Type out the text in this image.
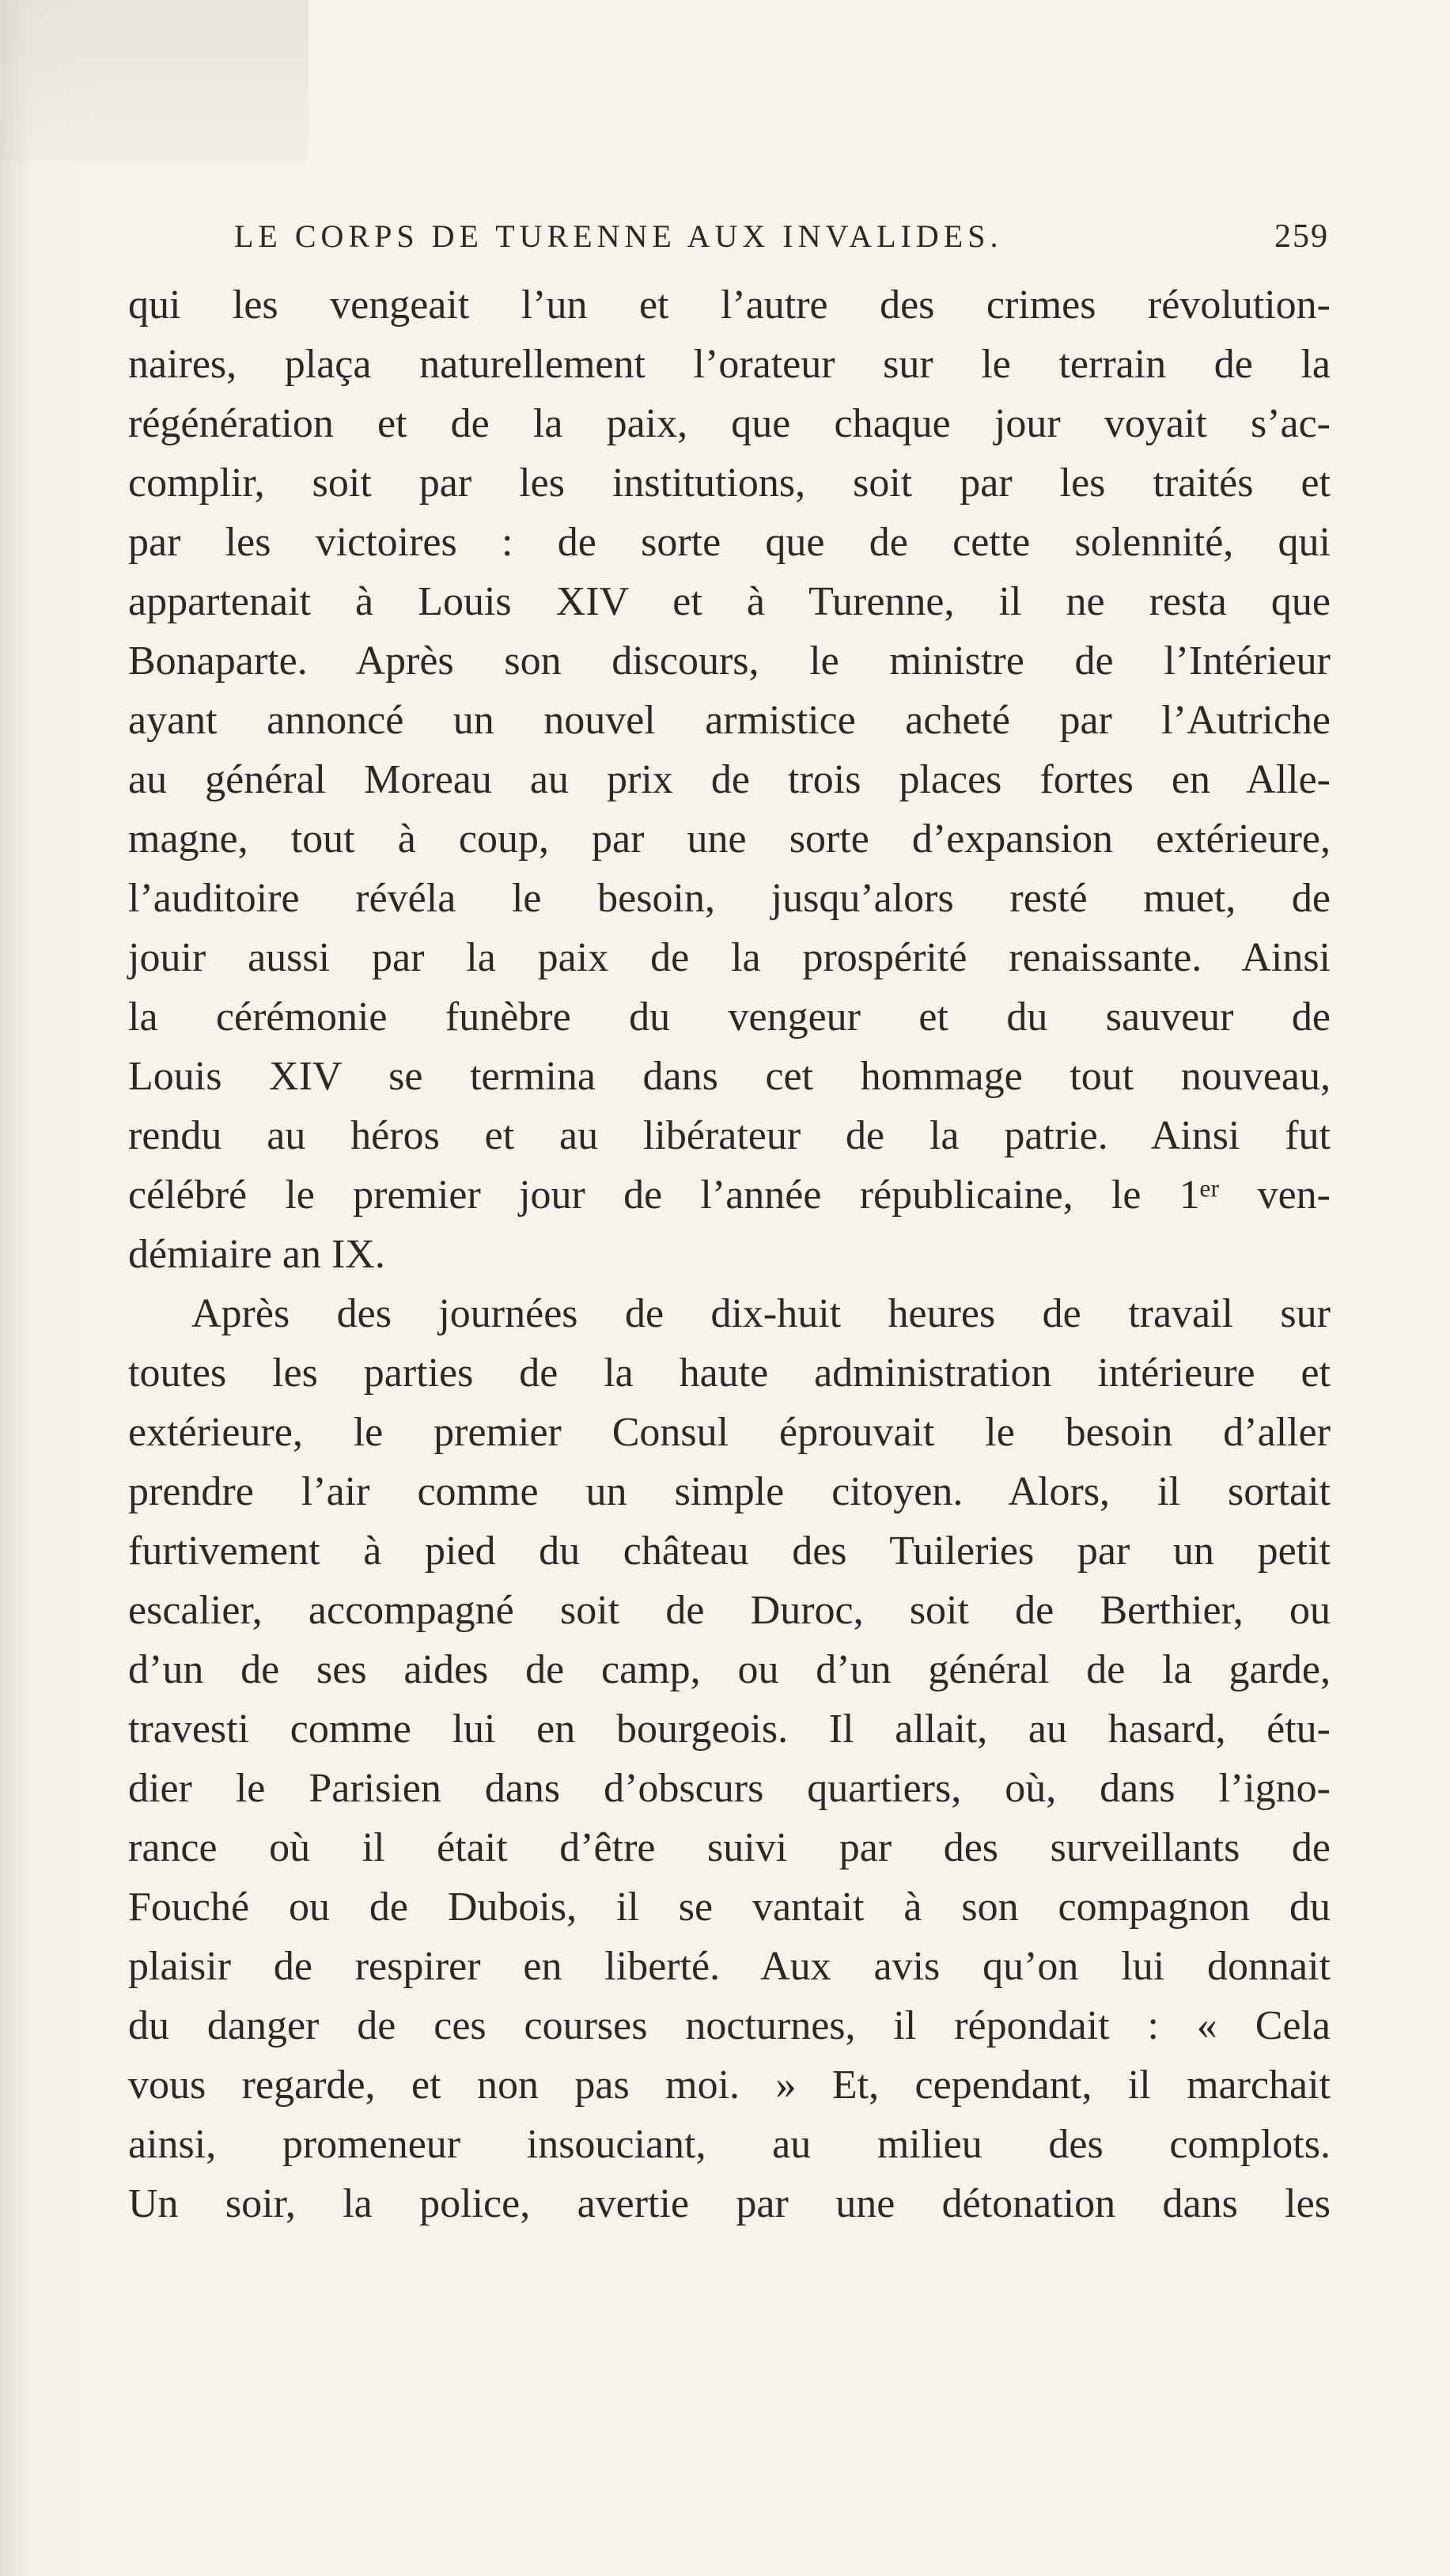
LE CORPS DE TURENNE AUX INVALIDES.	259
qui les vengeait l’un et l’autre des crimes révolution-
naires, plaça naturellement l’orateur sur le terrain de la
régénération et de la paix, que chaque jour voyait s’ac-
complir, soit par les institutions, soit par les traités et
par les victoires : de sorte que de cette solennité, qui
appartenait à Louis XIV et à Turenne, il ne resta que
Bonaparte. Après son discours, le ministre de l’Intérieur
ayant annoncé un nouvel armistice acheté par l’Autriche
au général Moreau au prix de trois places fortes en Alle-
magne, tout à coup, par une sorte d’expansion extérieure,
l’auditoire révéla le besoin, jusqu’alors resté muet, de
jouir aussi par la paix de la prospérité renaissante. Ainsi
la cérémonie funèbre du vengeur et du sauveur de
Louis XIV se termina dans cet hommage tout nouveau,
rendu au héros et au libérateur de la patrie. Ainsi fut
célébré le premier jour de l’année républicaine, le 1ᵉʳ ven-
démiaire an IX.
Après des journées de dix-huit heures de travail sur
toutes les parties de la haute administration intérieure et
extérieure, le premier Consul éprouvait le besoin d’aller
prendre l’air comme un simple citoyen. Alors, il sortait
furtivement à pied du château des Tuileries par un petit
escalier, accompagné soit de Duroc, soit de Berthier, ou
d’un de ses aides de camp, ou d’un général de la garde,
travesti comme lui en bourgeois. Il allait, au hasard, étu-
dier le Parisien dans d’obscurs quartiers, où, dans l’igno-
rance où il était d’être suivi par des surveillants de
Fouché ou de Dubois, il se vantait à son compagnon du
plaisir de respirer en liberté. Aux avis qu’on lui donnait
du danger de ces courses nocturnes, il répondait : « Cela
vous regarde, et non pas moi. » Et, cependant, il marchait
ainsi, promeneur insouciant, au milieu des complots.
Un soir, la police, avertie par une détonation dans les
